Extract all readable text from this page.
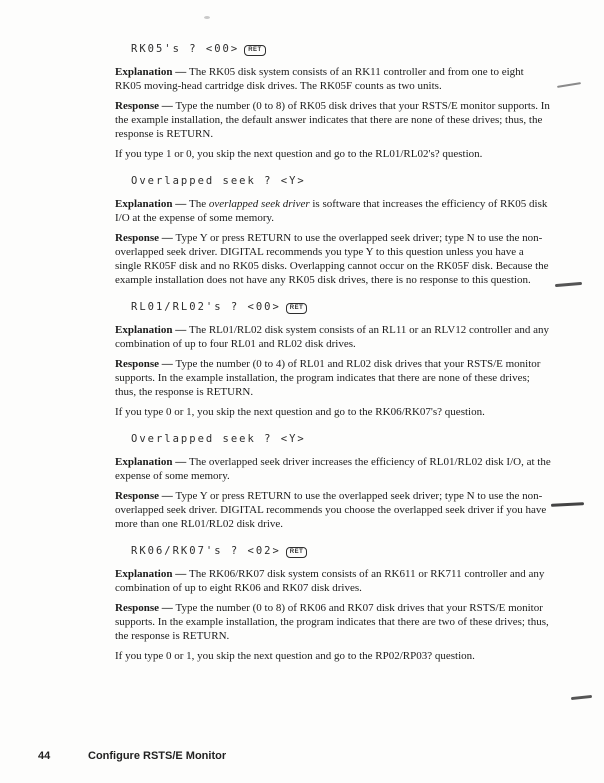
RK05's ? <00> RET

Explanation — The RK05 disk system consists of an RK11 controller and from one to eight RK05 moving-head cartridge disk drives. The RK05F counts as two units.

Response — Type the number (0 to 8) of RK05 disk drives that your RSTS/E monitor supports. In the example installation, the default answer indicates that there are none of these drives; thus, the response is RETURN.

If you type 1 or 0, you skip the next question and go to the RL01/RL02's? question.

Overlapped seek ? <Y>

Explanation — The overlapped seek driver is software that increases the efficiency of RK05 disk I/O at the expense of some memory.

Response — Type Y or press RETURN to use the overlapped seek driver; type N to use the non-overlapped seek driver. DIGITAL recommends you type Y to this question unless you have a single RK05F disk and no RK05 disks. Overlapping cannot occur on the RK05F disk. Because the example installation does not have any RK05 disk drives, there is no response to this question.

RL01/RL02's ? <00> RET

Explanation — The RL01/RL02 disk system consists of an RL11 or an RLV12 controller and any combination of up to four RL01 and RL02 disk drives.

Response — Type the number (0 to 4) of RL01 and RL02 disk drives that your RSTS/E monitor supports. In the example installation, the program indicates that there are none of these drives; thus, the response is RETURN.

If you type 0 or 1, you skip the next question and go to the RK06/RK07's? question.

Overlapped seek ? <Y>

Explanation — The overlapped seek driver increases the efficiency of RL01/RL02 disk I/O, at the expense of some memory.

Response — Type Y or press RETURN to use the overlapped seek driver; type N to use the non-overlapped seek driver. DIGITAL recommends you choose the overlapped seek driver if you have more than one RL01/RL02 disk drive.

RK06/RK07's ? <02> RET

Explanation — The RK06/RK07 disk system consists of an RK611 or RK711 controller and any combination of up to eight RK06 and RK07 disk drives.

Response — Type the number (0 to 8) of RK06 and RK07 disk drives that your RSTS/E monitor supports. In the example installation, the program indicates that there are two of these drives; thus, the response is RETURN.

If you type 0 or 1, you skip the next question and go to the RP02/RP03? question.

44	Configure RSTS/E Monitor
